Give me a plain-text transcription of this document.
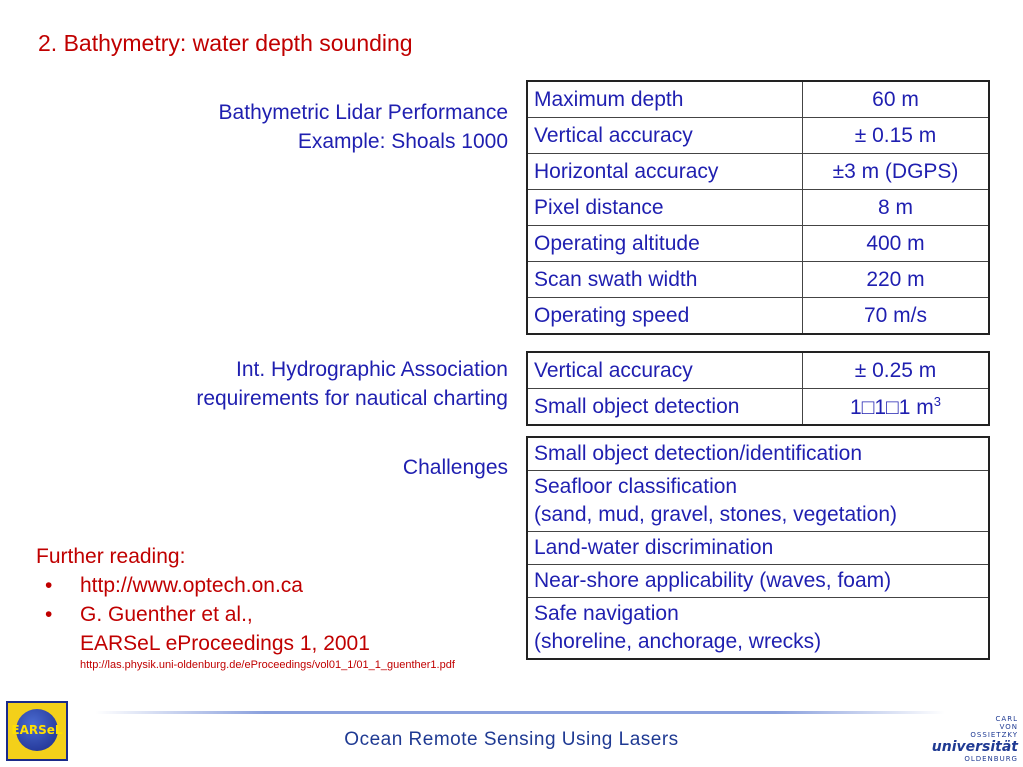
2. Bathymetry: water depth sounding
Bathymetric Lidar Performance
Example: Shoals 1000
Maximum depth	60 m
Vertical accuracy	± 0.15 m
Horizontal accuracy	±3 m (DGPS)
Pixel distance	8 m
Operating altitude	400 m
Scan swath width	220 m
Operating speed	70 m/s
Int. Hydrographic Association
requirements for nautical charting
Vertical accuracy	± 0.25 m
Small object detection	1□1□1 $m^3$
Challenges
Small object detection/identification

Seafloor classification
(sand, mud, gravel, stones, vegetation)

Land-water discrimination

Near-shore applicability (waves, foam)

Safe navigation
(shoreline, anchorage, wrecks)
Further reading:
• http://www.optech.on.ca
• G. Guenther et al.,
EARSeL eProceedings 1, 2001
http://las.physik.uni-oldenburg.de/eProceedings/vol01_1/01_1_guenther1.pdf
EARSeL	Ocean Remote Sensing Using Lasers
CARL
VON
OSSIETZKY
universität
OLDENBURG
